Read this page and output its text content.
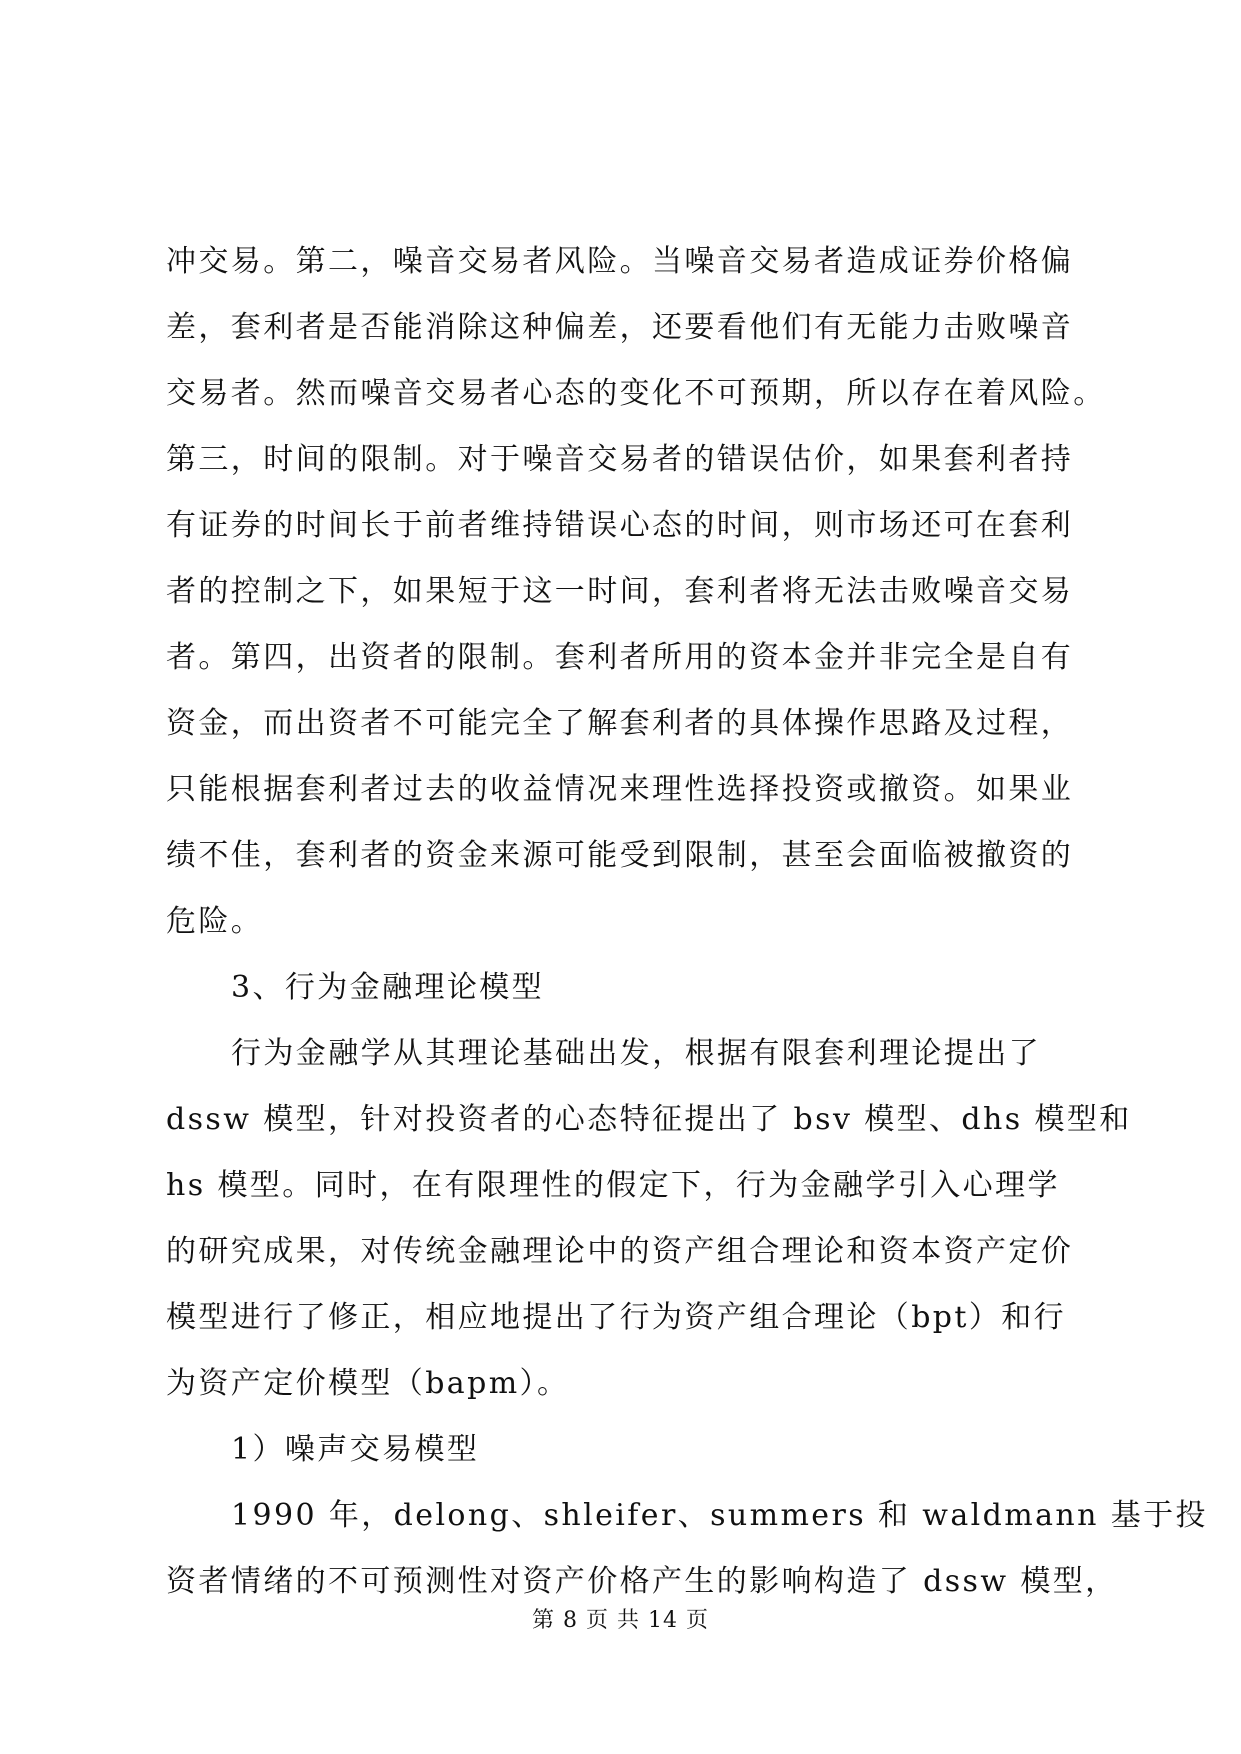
冲交易。第二，噪音交易者风险。当噪音交易者造成证券价格偏
差，套利者是否能消除这种偏差，还要看他们有无能力击败噪音
交易者。然而噪音交易者心态的变化不可预期，所以存在着风险。
第三，时间的限制。对于噪音交易者的错误估价，如果套利者持
有证券的时间长于前者维持错误心态的时间，则市场还可在套利
者的控制之下，如果短于这一时间，套利者将无法击败噪音交易
者。第四，出资者的限制。套利者所用的资本金并非完全是自有
资金，而出资者不可能完全了解套利者的具体操作思路及过程，
只能根据套利者过去的收益情况来理性选择投资或撤资。如果业
绩不佳，套利者的资金来源可能受到限制，甚至会面临被撤资的
危险。
3、行为金融理论模型
行为金融学从其理论基础出发，根据有限套利理论提出了
dssw 模型，针对投资者的心态特征提出了 bsv 模型、dhs 模型和
hs 模型。同时，在有限理性的假定下，行为金融学引入心理学
的研究成果，对传统金融理论中的资产组合理论和资本资产定价
模型进行了修正，相应地提出了行为资产组合理论（bpt）和行
为资产定价模型（bapm）。
1）噪声交易模型
1990 年，delong、shleifer、summers 和 waldmann 基于投
资者情绪的不可预测性对资产价格产生的影响构造了 dssw 模型，
第 8 页 共 14 页
